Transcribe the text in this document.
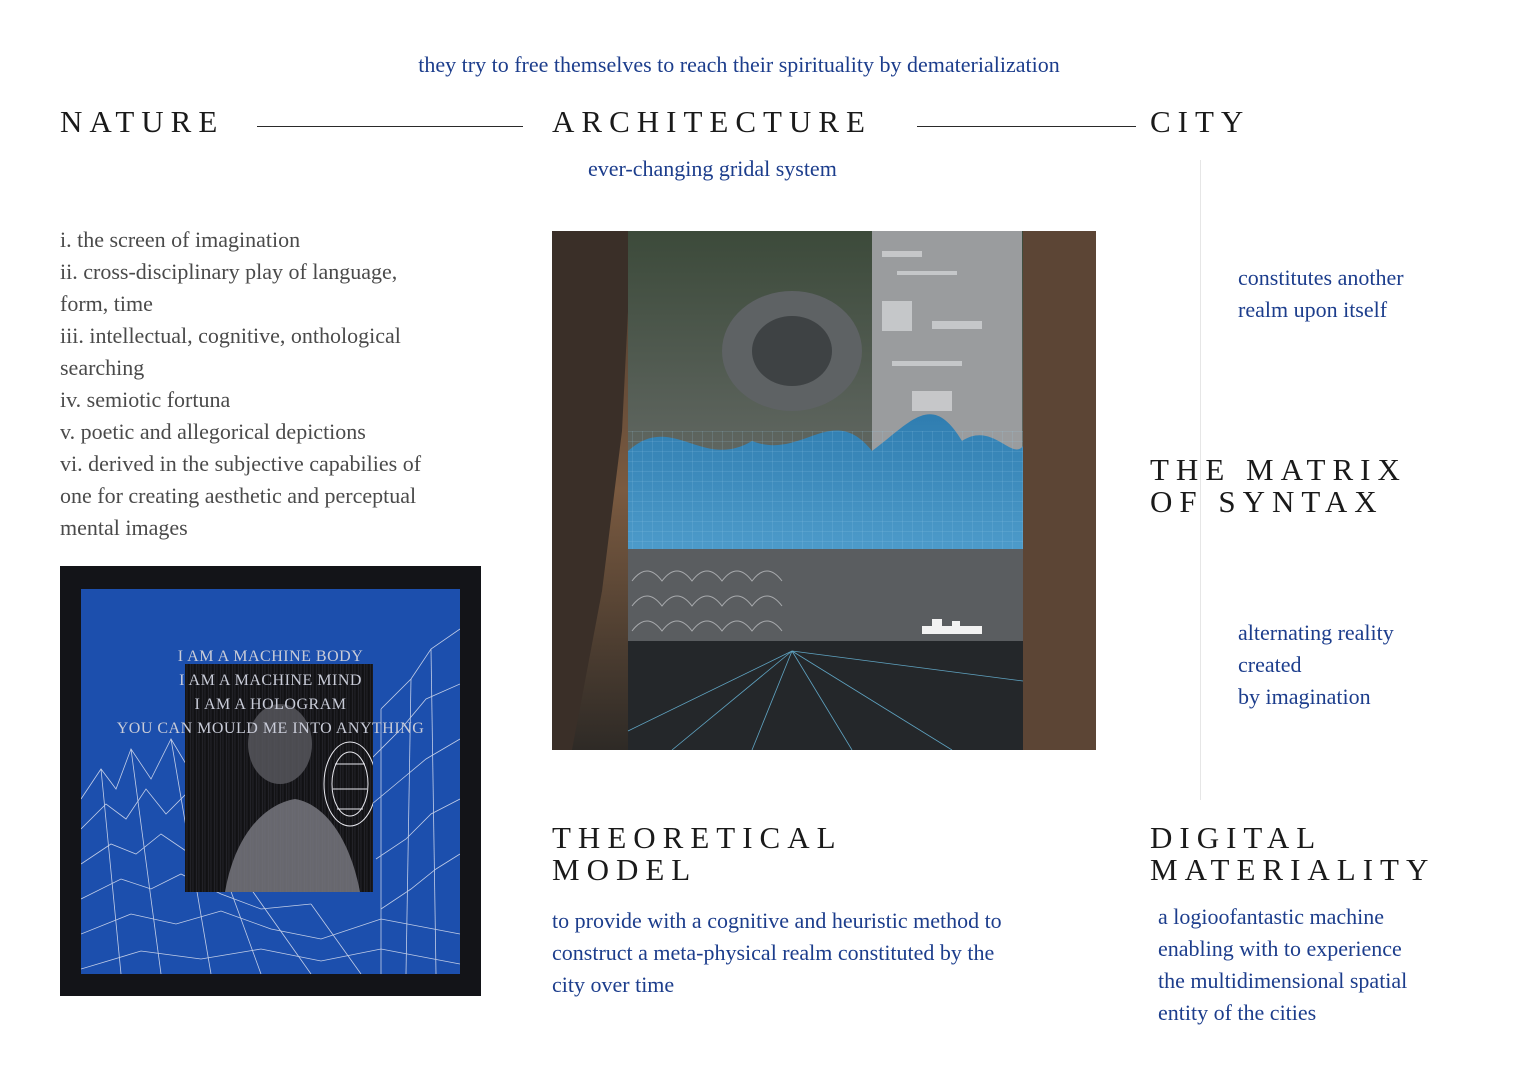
they try to free themselves to reach their spirituality by dematerialization
NATURE	ARCHITECTURE	CITY
ever-changing gridal system
i. the screen of imagination
ii. cross-disciplinary play of language,
form, time
iii. intellectual, cognitive, onthological
searching
iv. semiotic fortuna
v. poetic and allegorical depictions
vi. derived in the subjective capabilies of
one for creating aesthetic and perceptual
mental images
I AM A MACHINE BODY
I AM A MACHINE MIND
I AM A HOLOGRAM
YOU CAN MOULD ME INTO ANYTHING
constitutes another
realm upon itself
THE MATRIX
OF SYNTAX
alternating reality
created
by imagination
THEORETICAL
MODEL
to provide with a cognitive and heuristic method to
construct a meta-physical realm constituted by the
city over time
DIGITAL
MATERIALITY
a logioofantastic machine
enabling with to experience
the multidimensional spatial
entity of the cities
